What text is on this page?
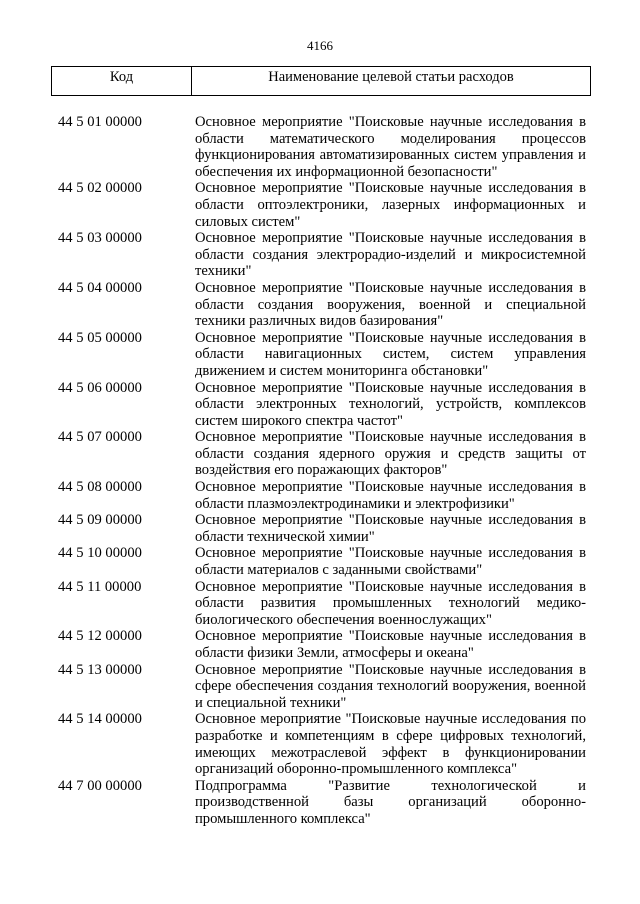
4166
Код	Наименование целевой статьи расходов
44 5 01 00000	Основное мероприятие "Поисковые научные исследования в области математического моделирования процессов функционирования автоматизированных систем управления и обеспечения их информационной безопасности"
44 5 02 00000	Основное мероприятие "Поисковые научные исследования в области оптоэлектроники, лазерных информационных и силовых систем"
44 5 03 00000	Основное мероприятие "Поисковые научные исследования в области создания электрорадио-изделий и микросистемной техники"
44 5 04 00000	Основное мероприятие "Поисковые научные исследования в области создания вооружения, военной и специальной техники различных видов базирования"
44 5 05 00000	Основное мероприятие "Поисковые научные исследования в области навигационных систем, систем управления движением и систем мониторинга обстановки"
44 5 06 00000	Основное мероприятие "Поисковые научные исследования в области электронных технологий, устройств, комплексов систем широкого спектра частот"
44 5 07 00000	Основное мероприятие "Поисковые научные исследования в области создания ядерного оружия и средств защиты от воздействия его поражающих факторов"
44 5 08 00000	Основное мероприятие "Поисковые научные исследования в области плазмоэлектродинамики и электрофизики"
44 5 09 00000	Основное мероприятие "Поисковые научные исследования в области технической химии"
44 5 10 00000	Основное мероприятие "Поисковые научные исследования в области материалов с заданными свойствами"
44 5 11 00000	Основное мероприятие "Поисковые научные исследования в области развития промышленных технологий медико-биологического обеспечения военнослужащих"
44 5 12 00000	Основное мероприятие "Поисковые научные исследования в области физики Земли, атмосферы и океана"
44 5 13 00000	Основное мероприятие "Поисковые научные исследования в сфере обеспечения создания технологий вооружения, военной и специальной техники"
44 5 14 00000	Основное мероприятие "Поисковые научные исследования по разработке и компетенциям в сфере цифровых технологий, имеющих межотраслевой эффект в функционировании организаций оборонно-промышленного комплекса"
44 7 00 00000	Подпрограмма "Развитие технологической и производственной базы организаций оборонно-промышленного комплекса"
